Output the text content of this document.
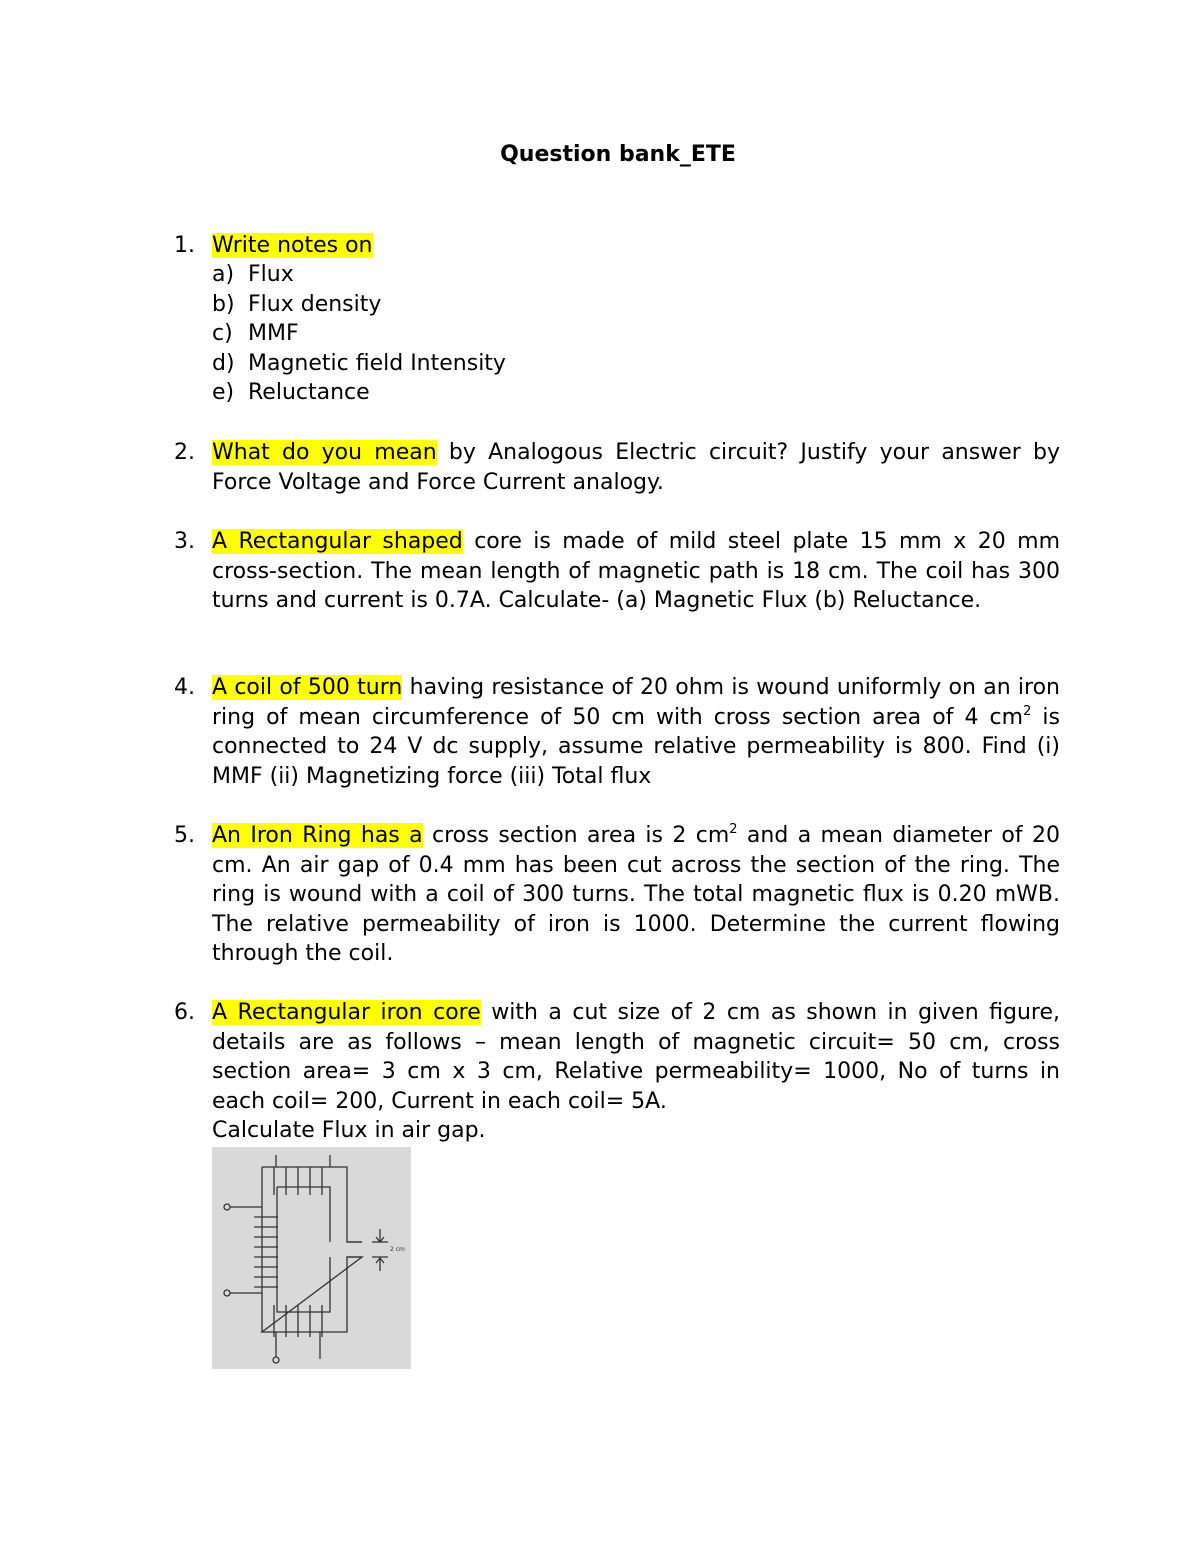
Question bank_ETE
1. Write notes on
a) Flux
b) Flux density
c) MMF
d) Magnetic field Intensity
e) Reluctance
2. What do you mean by Analogous Electric circuit? Justify your answer by Force Voltage and Force Current analogy.
3. A Rectangular shaped core is made of mild steel plate 15 mm x 20 mm cross-section. The mean length of magnetic path is 18 cm. The coil has 300 turns and current is 0.7A. Calculate- (a) Magnetic Flux (b) Reluctance.
4. A coil of 500 turn having resistance of 20 ohm is wound uniformly on an iron ring of mean circumference of 50 cm with cross section area of 4 $cm^2$ is connected to 24 V dc supply, assume relative permeability is 800. Find (i) MMF (ii) Magnetizing force (iii) Total flux
5. An Iron Ring has a cross section area is 2 $cm^2$ and a mean diameter of 20 cm. An air gap of 0.4 mm has been cut across the section of the ring. The ring is wound with a coil of 300 turns. The total magnetic flux is 0.20 mWB. The relative permeability of iron is 1000. Determine the current flowing through the coil.
6. A Rectangular iron core with a cut size of 2 cm as shown in given figure, details are as follows – mean length of magnetic circuit= 50 cm, cross section area= 3 cm x 3 cm, Relative permeability= 1000, No of turns in each coil= 200, Current in each coil= 5A.
Calculate Flux in air gap.
2 cm
